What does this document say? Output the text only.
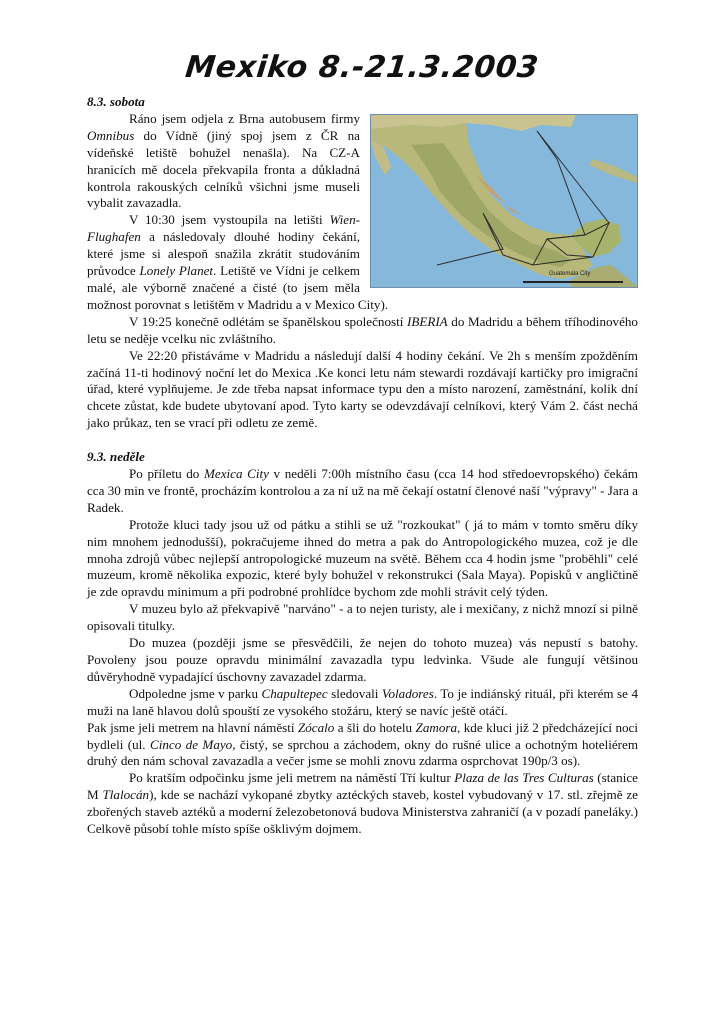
Mexiko 8.-21.3.2003

8.3. sobota

Guatemala City

Ráno jsem odjela z Brna autobusem firmy Omnibus do Vídně (jiný spoj jsem z ČR na vídeňské letiště bohužel nenašla). Na CZ-A hranicích mě docela překvapila fronta a důkladná kontrola rakouských celníků všichni jsme museli vybalit zavazadla.

V 10:30 jsem vystoupila na letišti Wien-Flughafen a následovaly dlouhé hodiny čekání, které jsme si alespoň snažila zkrátit studováním průvodce Lonely Planet. Letiště ve Vídni je celkem malé, ale výborně značené a čisté (to jsem měla možnost porovnat s letištěm v Madridu a v Mexico City).

V 19:25 konečně odlétám se španělskou společností IBERIA do Madridu a během tříhodinového letu se neděje vcelku nic zvláštního.

Ve 22:20 přistáváme v Madridu a následují další 4 hodiny čekání. Ve 2h s menším zpožděním začíná 11-ti hodinový noční let do Mexica .Ke konci letu nám stewardi rozdávají kartičky pro imigrační úřad, které vyplňujeme. Je zde třeba napsat informace typu den a místo narození, zaměstnání, kolik dní chcete zůstat, kde budete ubytovaní apod. Tyto karty se odevzdávají celníkovi, který Vám 2. část nechá jako průkaz, ten se vrací při odletu ze země.

9.3. neděle

Po příletu do Mexica City v neděli 7:00h místního času (cca 14 hod středoevropského) čekám cca 30 min ve frontě, procházím kontrolou a za ní už na mě čekají ostatní členové naší "výpravy" - Jara a Radek.

Protože kluci tady jsou už od pátku a stihli se už "rozkoukat" ( já to mám v tomto směru díky nim mnohem jednodušší), pokračujeme ihned do metra a pak do Antropologického muzea, což je dle mnoha zdrojů vůbec nejlepší antropologické muzeum na světě. Během cca 4 hodin jsme "proběhli" celé muzeum, kromě několika expozic, které byly bohužel v rekonstrukci (Sala Maya). Popisků v angličtině je zde opravdu minimum a při podrobné prohlídce bychom zde mohli strávit celý týden.

V muzeu bylo až překvapivě "narváno" - a to nejen turisty, ale i mexičany, z nichž mnozí si pilně opisovali titulky.

Do muzea (později jsme se přesvědčili, že nejen do tohoto muzea) vás nepustí s batohy. Povoleny jsou pouze opravdu minimální zavazadla typu ledvinka. Všude ale fungují většinou důvěryhodně vypadající úschovny zavazadel zdarma.

Odpoledne jsme v parku Chapultepec sledovali Voladores. To je indiánský rituál, při kterém se 4 muži na laně hlavou dolů spouští ze vysokého stožáru, který se navíc ještě otáčí.

Pak jsme jeli metrem na hlavní náměstí Zócalo a šli do hotelu Zamora, kde kluci již 2 předcházející noci bydleli (ul. Cinco de Mayo, čistý, se sprchou a záchodem, okny do rušné ulice a ochotným hoteliérem druhý den nám schoval zavazadla a večer jsme se mohli znovu zdarma osprchovat 190p/3 os).

Po kratším odpočinku jsme jeli metrem na náměstí Tří kultur Plaza de las Tres Culturas (stanice M Tlalocán), kde se nachází vykopané zbytky aztéckých staveb, kostel vybudovaný v 17. stl. zřejmě ze zbořených staveb aztéků a moderní železobetonová budova Ministerstva zahraničí (a v pozadí paneláky.) Celkově působí tohle místo spíše ošklivým dojmem.
